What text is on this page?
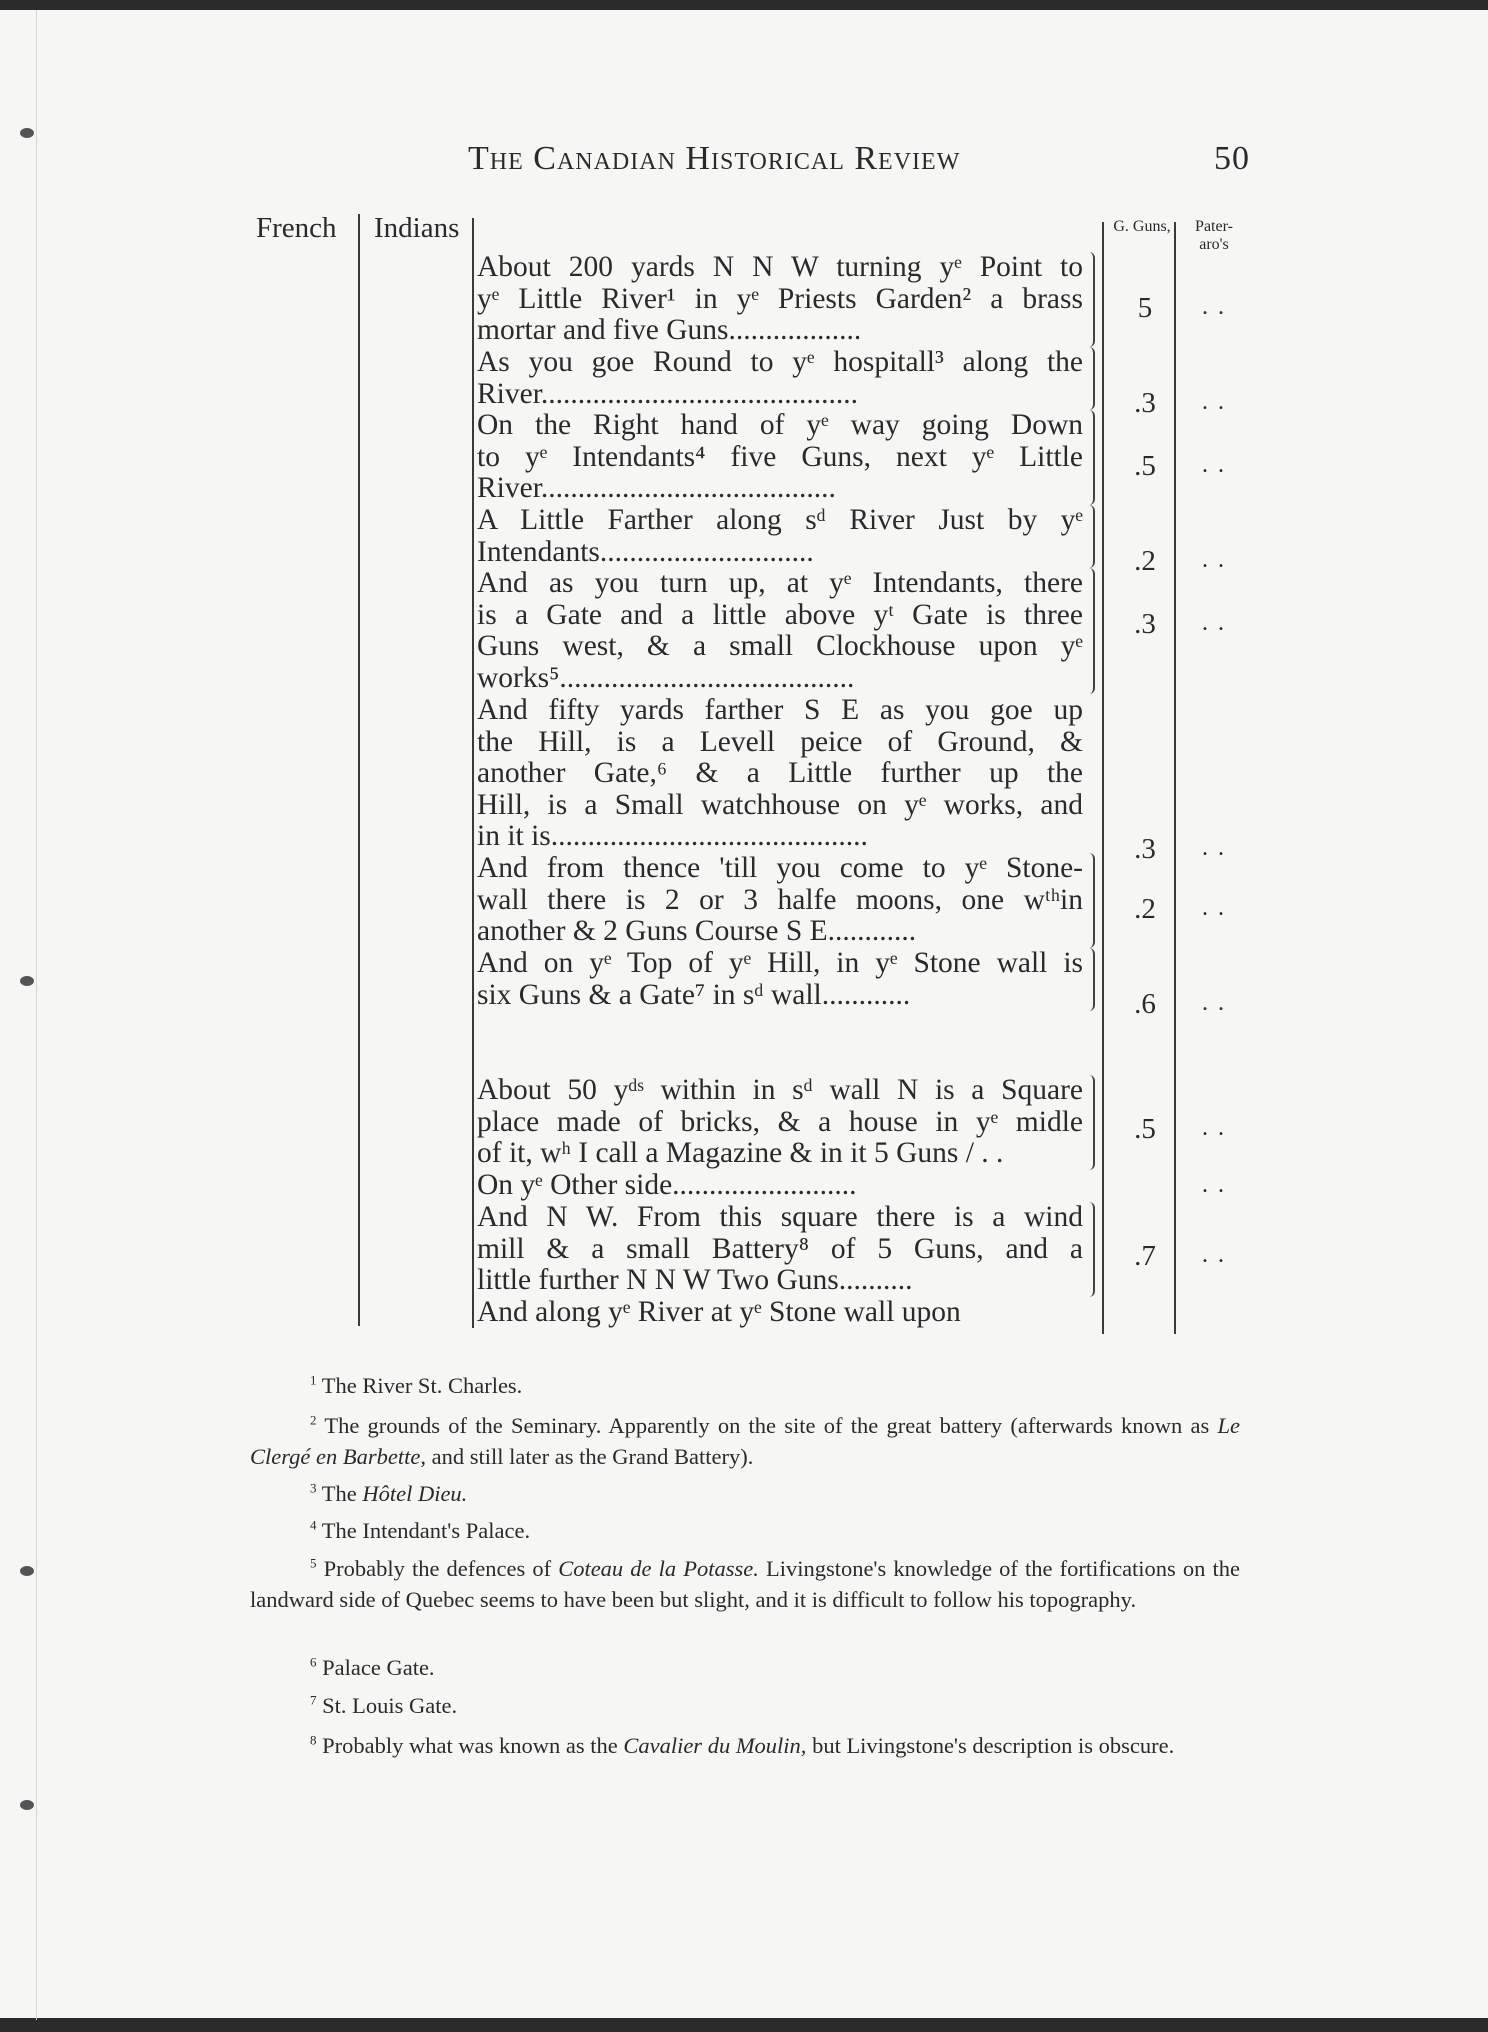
The Canadian Historical Review	50
French Indians	G. Guns,	Pater- aro's
About 200 yards N N W turning yᵉ Point to
yᵉ Little River¹ in yᵉ Priests Garden² a brass
mortar and five Guns..................
5	. .
As you goe Round to yᵉ hospitall³ along the
River...........................................	.3	. .
On the Right hand of yᵉ way going Down
to yᵉ Intendants⁴ five Guns, next yᵉ Little
River........................................
.5	. .
A Little Farther along sᵈ River Just by yᵉ
Intendants.............................	.2	. .
And as you turn up, at yᵉ Intendants, there
is a Gate and a little above yᵗ Gate is three
Guns west, & a small Clockhouse upon yᵉ
works⁵........................................
.3	. .
And fifty yards farther S E as you goe up
the Hill, is a Levell peice of Ground, &
another Gate,⁶ & a Little further up the
Hill, is a Small watchhouse on yᵉ works, and
in it is...........................................	.3	. .
And from thence 'till you come to yᵉ Stone-
wall there is 2 or 3 halfe moons, one wᵗʰin
another & 2 Guns Course S E............
.2	. .
And on yᵉ Top of yᵉ Hill, in yᵉ Stone wall is
six Guns & a Gate⁷ in sᵈ wall............	.6	. .
About 50 yᵈˢ within in sᵈ wall N is a Square
place made of bricks, & a house in yᵉ midle
of it, wʰ I call a Magazine & in it 5 Guns / . .
.5	. .
On yᵉ Other side.........................	. .
And N W. From this square there is a wind
mill & a small Battery⁸ of 5 Guns, and a
little further N N W Two Guns..........
.7	. .
And along yᵉ River at yᵉ Stone wall upon
$^1$ The River St. Charles.
$^2$ The grounds of the Seminary. Apparently on the site of the great battery (afterwards known as Le Clergé en Barbette, and still later as the Grand Battery).
$^3$ The Hôtel Dieu.
$^4$ The Intendant's Palace.
$^5$ Probably the defences of Coteau de la Potasse. Livingstone's knowledge of the fortifications on the landward side of Quebec seems to have been but slight, and it is difficult to follow his topography.
$^6$ Palace Gate.
$^7$ St. Louis Gate.
$^8$ Probably what was known as the Cavalier du Moulin, but Livingstone's description is obscure.
